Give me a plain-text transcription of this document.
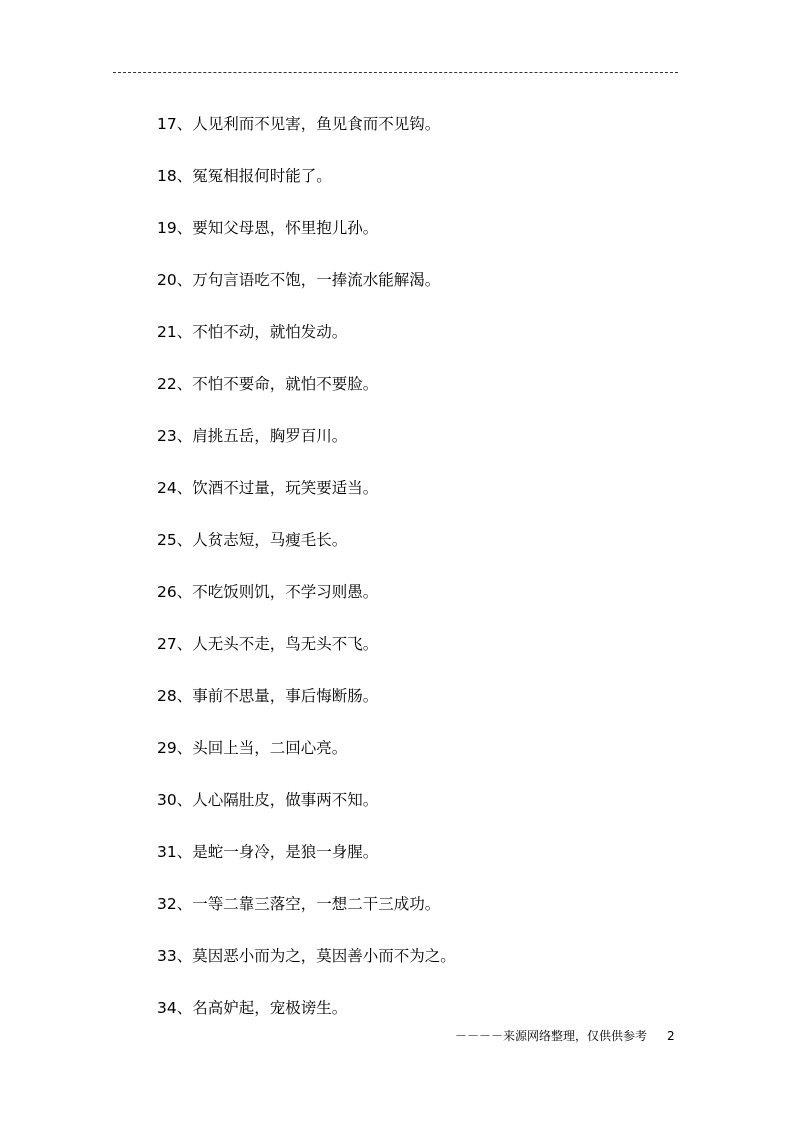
17、人见利而不见害，鱼见食而不见钩。
18、冤冤相报何时能了。
19、要知父母恩，怀里抱儿孙。
20、万句言语吃不饱，一捧流水能解渴。
21、不怕不动，就怕发动。
22、不怕不要命，就怕不要脸。
23、肩挑五岳，胸罗百川。
24、饮酒不过量，玩笑要适当。
25、人贫志短，马瘦毛长。
26、不吃饭则饥，不学习则愚。
27、人无头不走，鸟无头不飞。
28、事前不思量，事后悔断肠。
29、头回上当，二回心亮。
30、人心隔肚皮，做事两不知。
31、是蛇一身冷，是狼一身腥。
32、一等二靠三落空，一想二干三成功。
33、莫因恶小而为之，莫因善小而不为之。
34、名高妒起，宠极谤生。
－－－－来源网络整理，仅供供参考 2
